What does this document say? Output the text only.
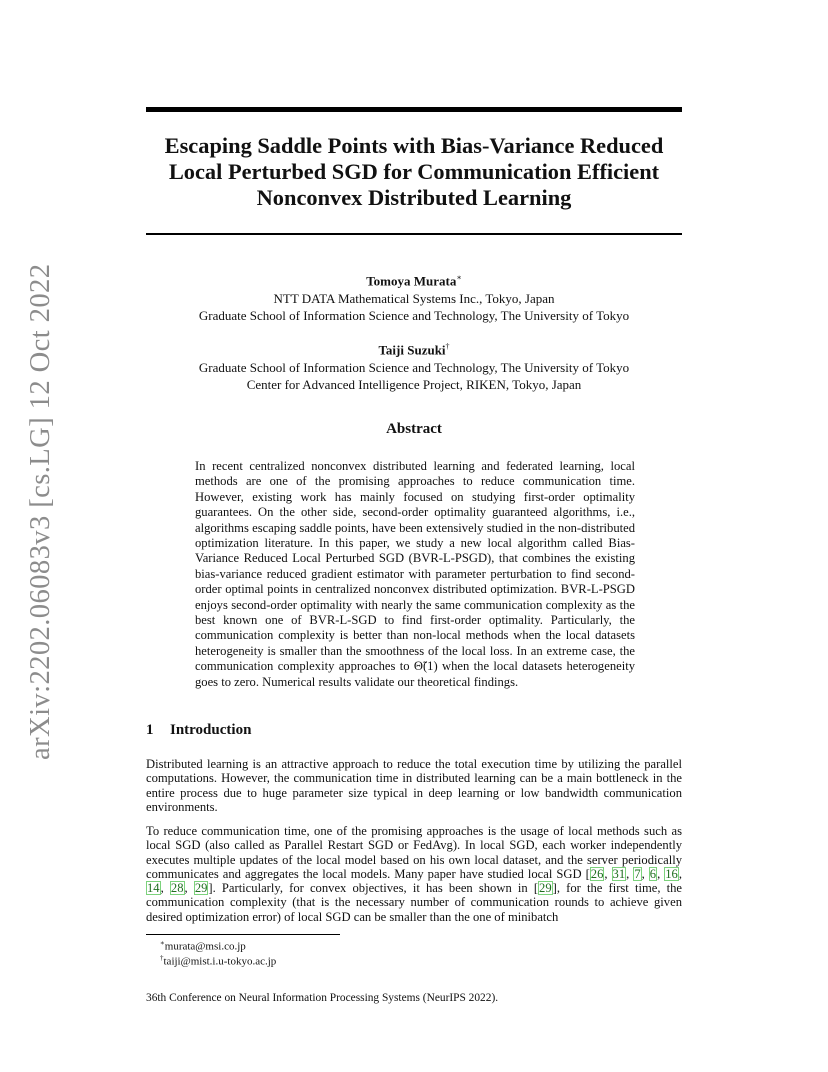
arXiv:2202.06083v3 [cs.LG] 12 Oct 2022
Escaping Saddle Points with Bias-Variance Reduced
Local Perturbed SGD for Communication Efficient
Nonconvex Distributed Learning
Tomoya Murata∗
NTT DATA Mathematical Systems Inc., Tokyo, Japan
Graduate School of Information Science and Technology, The University of Tokyo
Taiji Suzuki†
Graduate School of Information Science and Technology, The University of Tokyo
Center for Advanced Intelligence Project, RIKEN, Tokyo, Japan
Abstract

In recent centralized nonconvex distributed learning and federated learning, local methods are one of the promising approaches to reduce communication time. However, existing work has mainly focused on studying first-order optimality guarantees. On the other side, second-order optimality guaranteed algorithms, i.e., algorithms escaping saddle points, have been extensively studied in the non-distributed optimization literature. In this paper, we study a new local algorithm called Bias-Variance Reduced Local Perturbed SGD (BVR-L-PSGD), that combines the existing bias-variance reduced gradient estimator with parameter perturbation to find second-order optimal points in centralized nonconvex distributed optimization. BVR-L-PSGD enjoys second-order optimality with nearly the same communication complexity as the best known one of BVR-L-SGD to find first-order optimality. Particularly, the communication complexity is better than non-local methods when the local datasets heterogeneity is smaller than the smoothness of the local loss. In an extreme case, the communication complexity approaches to Θ̃(1) when the local datasets heterogeneity goes to zero. Numerical results validate our theoretical findings.

1 Introduction

Distributed learning is an attractive approach to reduce the total execution time by utilizing the parallel computations. However, the communication time in distributed learning can be a main bottleneck in the entire process due to huge parameter size typical in deep learning or low bandwidth communication environments.

To reduce communication time, one of the promising approaches is the usage of local methods such as local SGD (also called as Parallel Restart SGD or FedAvg). In local SGD, each worker independently executes multiple updates of the local model based on his own local dataset, and the server periodically communicates and aggregates the local models. Many paper have studied local SGD [26, 31, 7, 6, 16, 14, 28, 29]. Particularly, for convex objectives, it has been shown in [29], for the first time, the communication complexity (that is the necessary number of communication rounds to achieve given desired optimization error) of local SGD can be smaller than the one of minibatch

∗murata@msi.co.jp
†taiji@mist.i.u-tokyo.ac.jp
36th Conference on Neural Information Processing Systems (NeurIPS 2022).
